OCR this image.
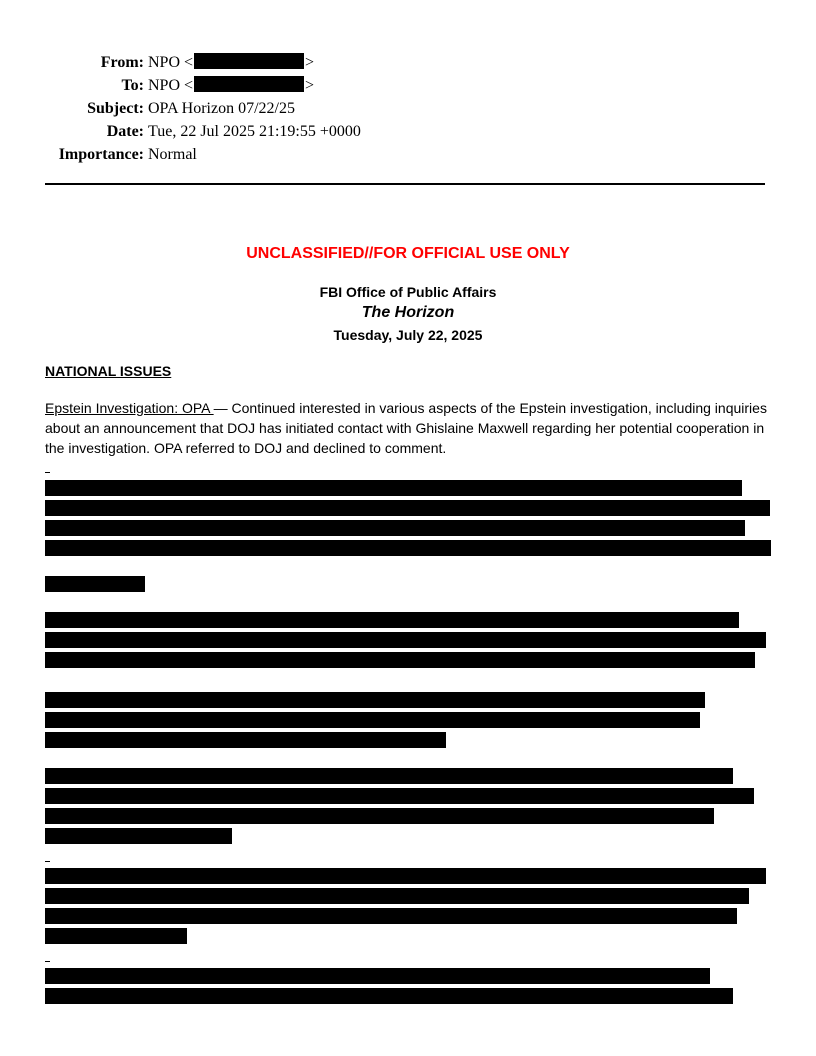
From: NPO <	>
To: NPO <	>
Subject: OPA Horizon 07/22/25
Date: Tue, 22 Jul 2025 21:19:55 +0000
Importance: Normal
UNCLASSIFIED//FOR OFFICIAL USE ONLY
FBI Office of Public Affairs
The Horizon
Tuesday, July 22, 2025
NATIONAL ISSUES
Epstein Investigation: OPA — Continued interested in various aspects of the Epstein investigation, including inquiries about an announcement that DOJ has initiated contact with Ghislaine Maxwell regarding her potential cooperation in the investigation. OPA referred to DOJ and declined to comment.
